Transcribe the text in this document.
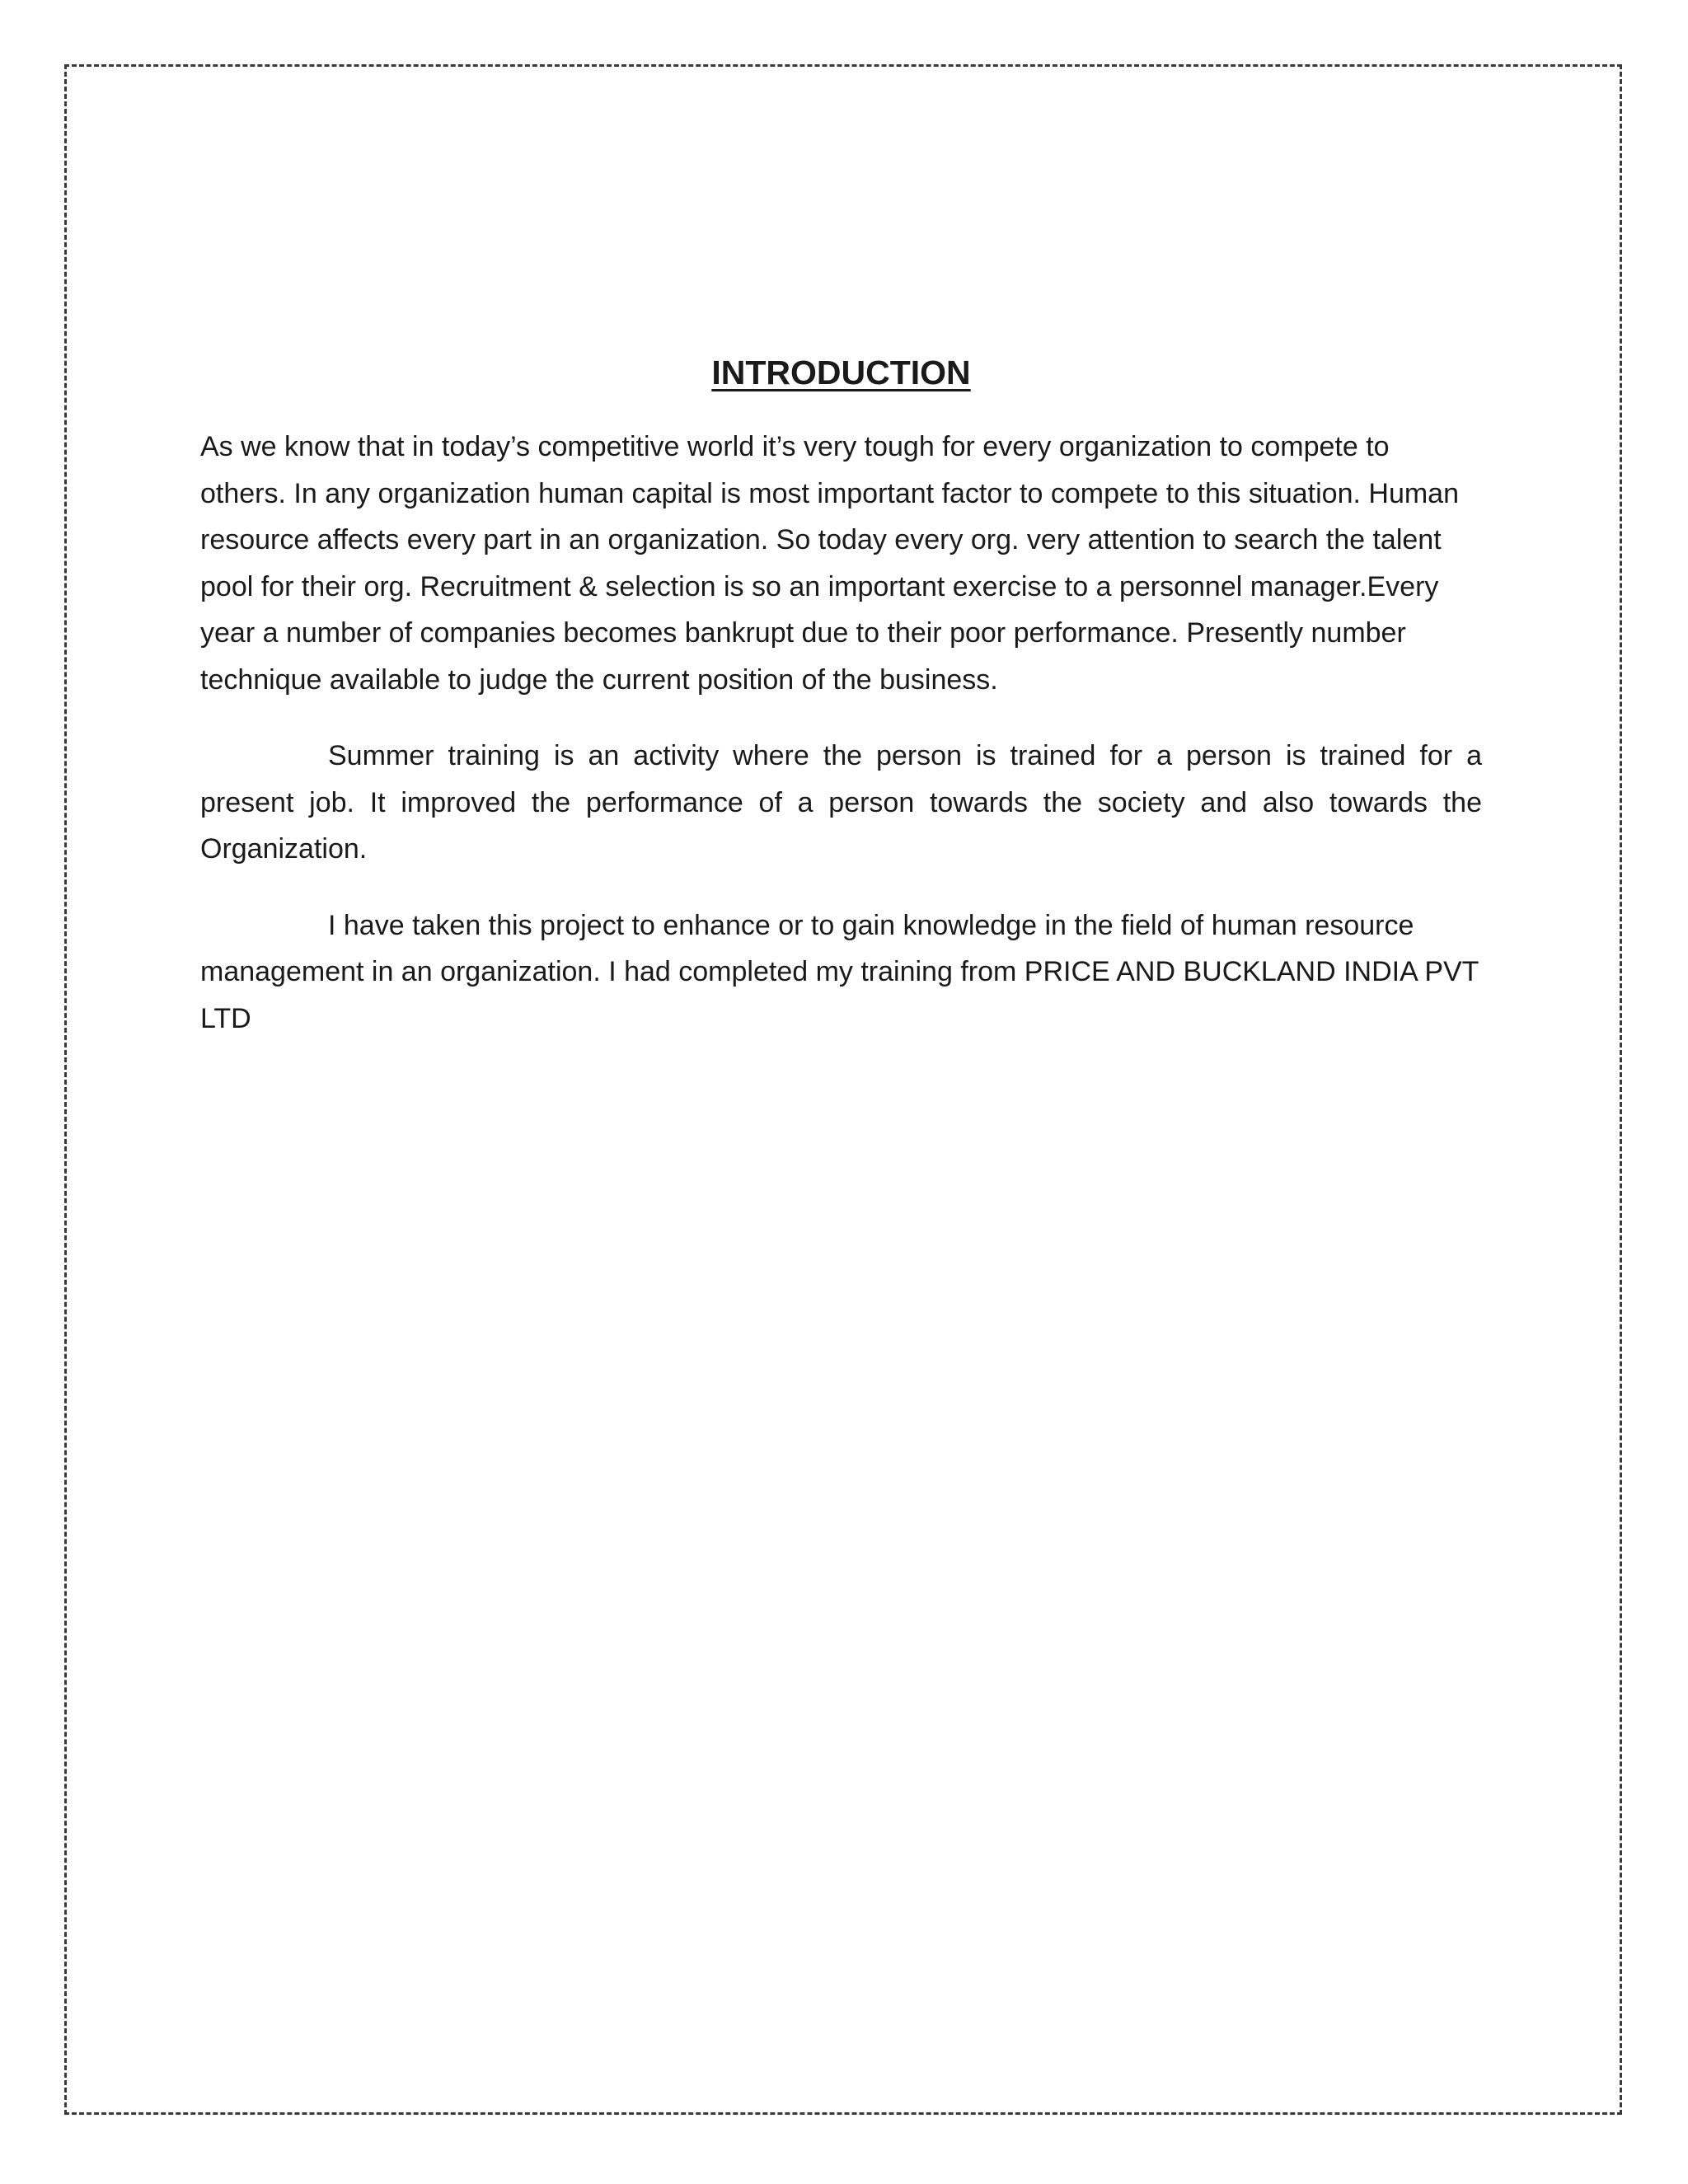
INTRODUCTION

As we know that in today’s competitive world it’s very tough for every organization to compete to others. In any organization human capital is most important factor to compete to this situation. Human resource affects every part in an organization. So today every org. very attention to search the talent pool for their org. Recruitment & selection is so an important exercise to a personnel manager.Every year a number of companies becomes bankrupt due to their poor performance. Presently number technique available to judge the current position of the business.

Summer training is an activity where the person is trained for a person is trained for a present job. It improved the performance of a person towards the society and also towards the Organization.

I have taken this project to enhance or to gain knowledge in the field of human resource management in an organization. I had completed my training from PRICE AND BUCKLAND INDIA PVT LTD
